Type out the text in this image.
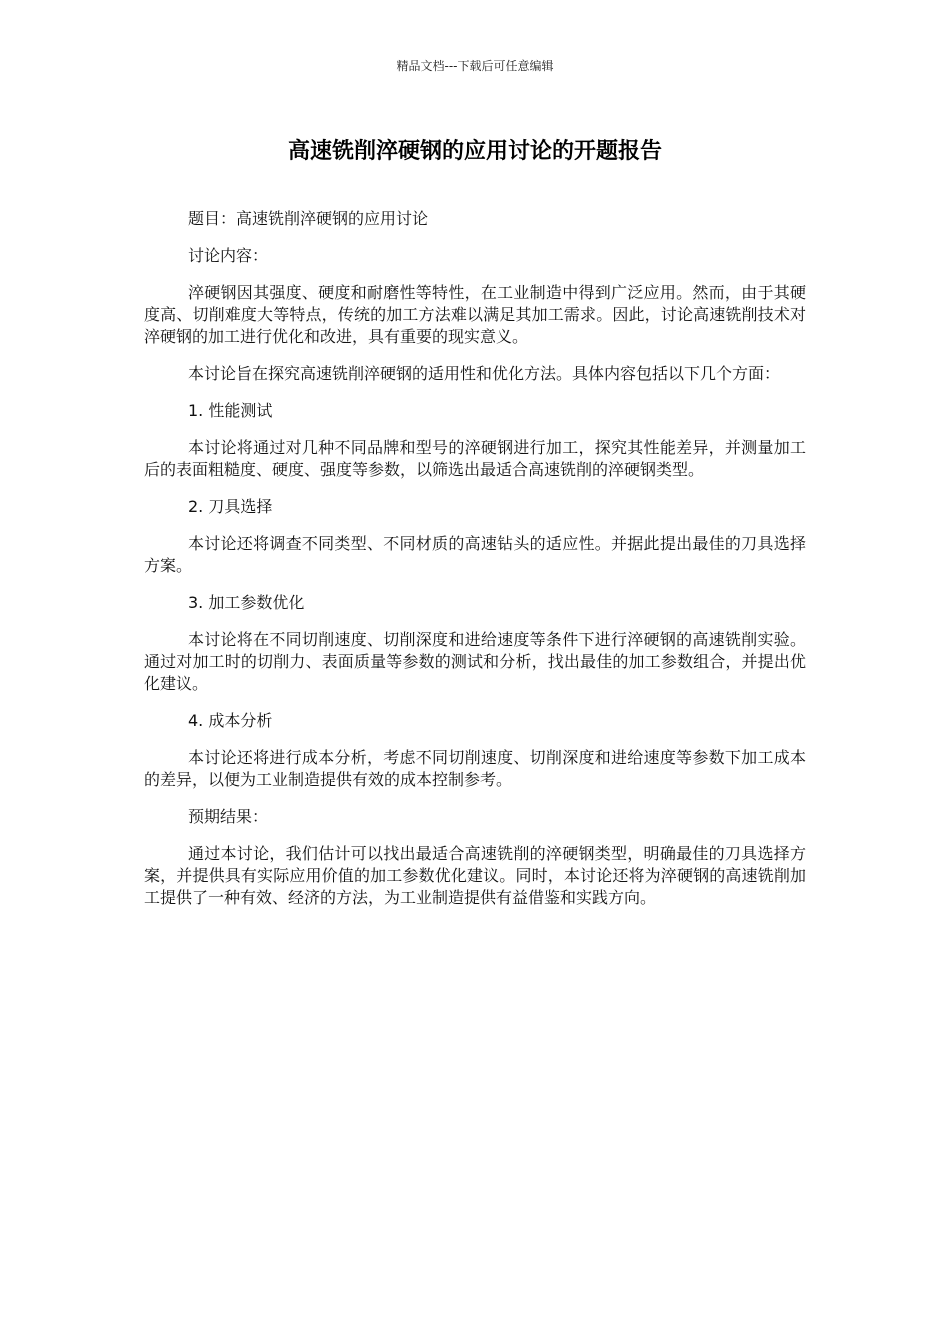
精品文档---下载后可任意编辑
高速铣削淬硬钢的应用讨论的开题报告

题目：高速铣削淬硬钢的应用讨论

讨论内容：

淬硬钢因其强度、硬度和耐磨性等特性，在工业制造中得到广泛应用。然而，由于其硬度高、切削难度大等特点，传统的加工方法难以满足其加工需求。因此，讨论高速铣削技术对淬硬钢的加工进行优化和改进，具有重要的现实意义。

本讨论旨在探究高速铣削淬硬钢的适用性和优化方法。具体内容包括以下几个方面：

1. 性能测试

本讨论将通过对几种不同品牌和型号的淬硬钢进行加工，探究其性能差异，并测量加工后的表面粗糙度、硬度、强度等参数，以筛选出最适合高速铣削的淬硬钢类型。

2. 刀具选择

本讨论还将调查不同类型、不同材质的高速钻头的适应性。并据此提出最佳的刀具选择方案。

3. 加工参数优化

本讨论将在不同切削速度、切削深度和进给速度等条件下进行淬硬钢的高速铣削实验。通过对加工时的切削力、表面质量等参数的测试和分析，找出最佳的加工参数组合，并提出优化建议。

4. 成本分析

本讨论还将进行成本分析，考虑不同切削速度、切削深度和进给速度等参数下加工成本的差异，以便为工业制造提供有效的成本控制参考。

预期结果：

通过本讨论，我们估计可以找出最适合高速铣削的淬硬钢类型，明确最佳的刀具选择方案，并提供具有实际应用价值的加工参数优化建议。同时，本讨论还将为淬硬钢的高速铣削加工提供了一种有效、经济的方法，为工业制造提供有益借鉴和实践方向。
